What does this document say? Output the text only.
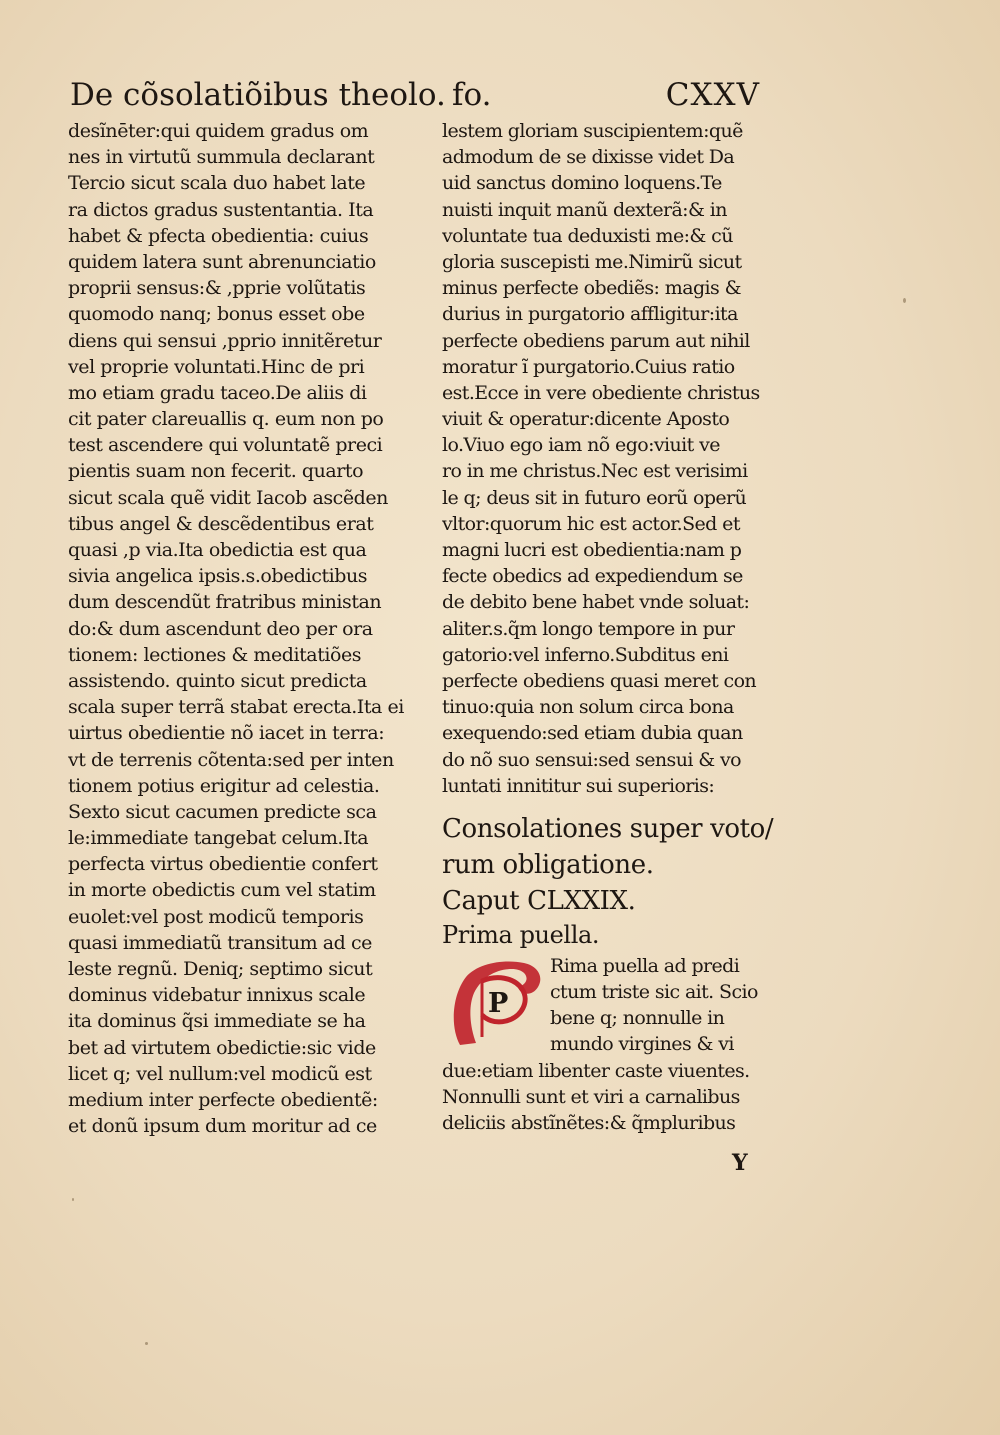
De cõsolatiõibus theolo. fo.	CXXV
desĩnēter:qui quidem gradus om
nes in virtutũ summula declarant
Tercio sicut scala duo habet late
ra dictos gradus sustentantia. Ita
habet & pfecta obedientia: cuius
quidem latera sunt abrenunciatio
proprii sensus:& ,pprie volũtatis
quomodo nanq; bonus esset obe
diens qui sensui ,pprio innitẽretur
vel proprie voluntati.Hinc de pri
mo etiam gradu taceo.De aliis di
cit pater clareuallis q. eum non po
test ascendere qui voluntatẽ preci
pientis suam non fecerit. quarto
sicut scala quẽ vidit Iacob ascẽden
tibus angel & descẽdentibus erat
quasi ,p via.Ita obedictia est qua
sivia angelica ipsis.s.obedictibus
dum descendũt fratribus ministan
do:& dum ascendunt deo per ora
tionem: lectiones & meditatiões
assistendo. quinto sicut predicta
scala super terrã stabat erecta.Ita ei
uirtus obedientie nõ iacet in terra:
vt de terrenis cõtenta:sed per inten
tionem potius erigitur ad celestia.
Sexto sicut cacumen predicte sca
le:immediate tangebat celum.Ita
perfecta virtus obedientie confert
in morte obedictis cum vel statim
euolet:vel post modicũ temporis
quasi immediatũ transitum ad ce
leste regnũ. Deniq; septimo sicut
dominus videbatur innixus scale
ita dominus q̃si immediate se ha
bet ad virtutem obedictie:sic vide
licet q; vel nullum:vel modicũ est
medium inter perfecte obedientẽ:
et donũ ipsum dum moritur ad ce
lestem gloriam suscipientem:quẽ
admodum de se dixisse videt Da
uid sanctus domino loquens.Te
nuisti inquit manũ dexterã:& in
voluntate tua deduxisti me:& cũ
gloria suscepisti me.Nimirũ sicut
minus perfecte obediẽs: magis &
durius in purgatorio affligitur:ita
perfecte obediens parum aut nihil
moratur ĩ purgatorio.Cuius ratio
est.Ecce in vere obediente christus
viuit & operatur:dicente Aposto
lo.Viuo ego iam nõ ego:viuit ve
ro in me christus.Nec est verisimi
le q; deus sit in futuro eorũ operũ
vltor:quorum hic est actor.Sed et
magni lucri est obedientia:nam p
fecte obedics ad expediendum se
de debito bene habet vnde soluat:
aliter.s.q̃m longo tempore in pur
gatorio:vel inferno.Subditus eni
perfecte obediens quasi meret con
tinuo:quia non solum circa bona
exequendo:sed etiam dubia quan
do nõ suo sensui:sed sensui & vo
luntati innititur sui superioris:
Consolationes super voto/
rum obligatione.
Caput CLXXIX.
Prima puella.
P
Rima puella ad predi
ctum triste sic ait. Scio
bene q; nonnulle in
mundo virgines & vi
due:etiam libenter caste viuentes.
Nonnulli sunt et viri a carnalibus
deliciis abstĩnẽtes:& q̃mpluribus
Y
